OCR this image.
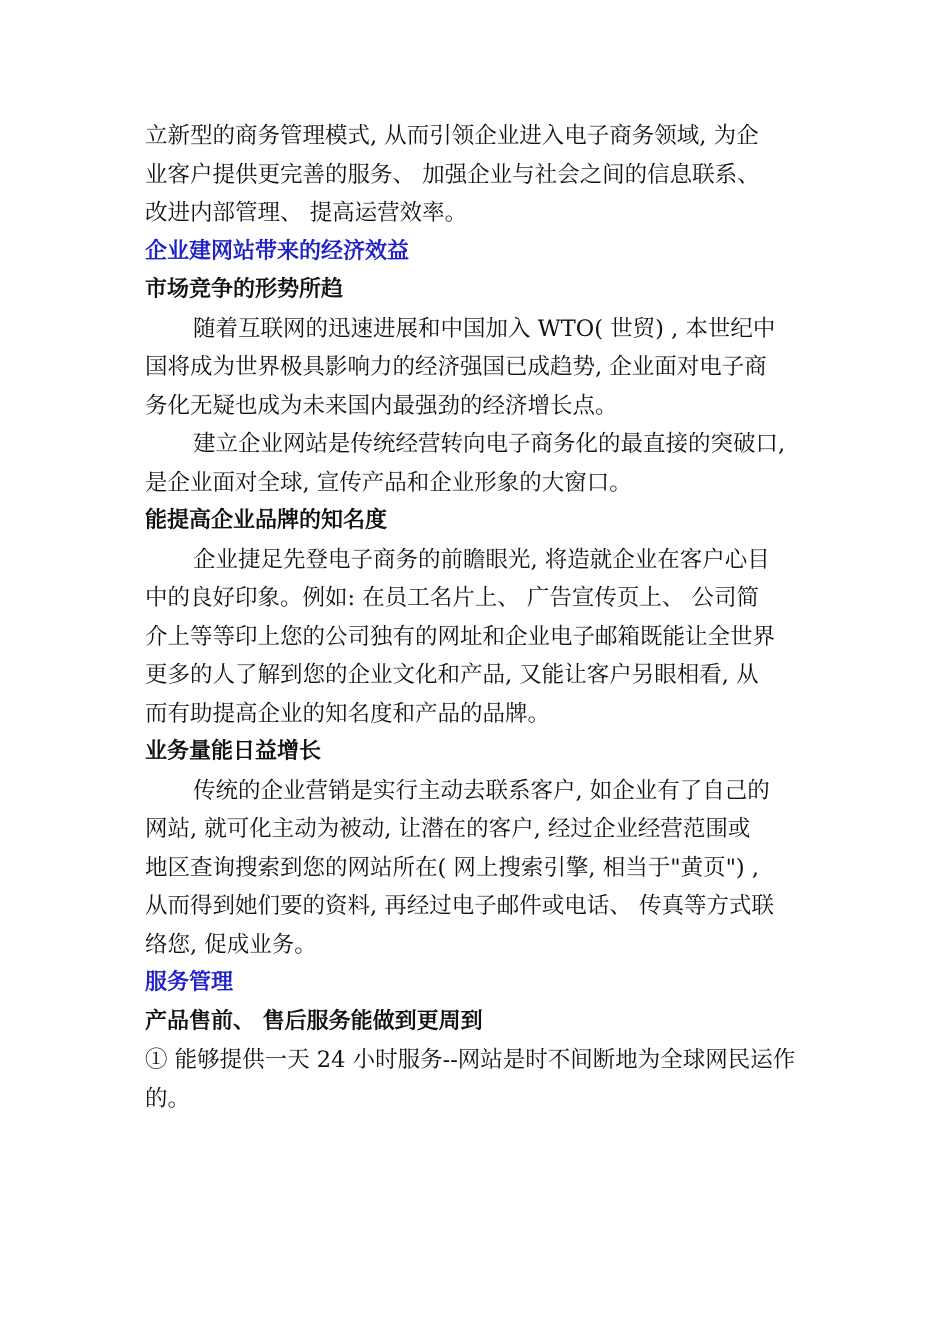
立新型的商务管理模式, 从而引领企业进入电子商务领域, 为企
业客户提供更完善的服务、 加强企业与社会之间的信息联系、
改进内部管理、 提高运营效率。
企业建网站带来的经济效益
市场竞争的形势所趋
随着互联网的迅速进展和中国加入 WTO( 世贸) , 本世纪中
国将成为世界极具影响力的经济强国已成趋势, 企业面对电子商
务化无疑也成为未来国内最强劲的经济增长点。
建立企业网站是传统经营转向电子商务化的最直接的突破口,
是企业面对全球, 宣传产品和企业形象的大窗口。
能提高企业品牌的知名度
企业捷足先登电子商务的前瞻眼光, 将造就企业在客户心目
中的良好印象。例如: 在员工名片上、 广告宣传页上、 公司简
介上等等印上您的公司独有的网址和企业电子邮箱既能让全世界
更多的人了解到您的企业文化和产品, 又能让客户另眼相看, 从
而有助提高企业的知名度和产品的品牌。
业务量能日益增长
传统的企业营销是实行主动去联系客户, 如企业有了自己的
网站, 就可化主动为被动, 让潜在的客户, 经过企业经营范围或
地区查询搜索到您的网站所在( 网上搜索引擎, 相当于"黄页") ,
从而得到她们要的资料, 再经过电子邮件或电话、 传真等方式联
络您, 促成业务。
服务管理
产品售前、 售后服务能做到更周到
① 能够提供一天 24 小时服务--网站是时不间断地为全球网民运作
的。
